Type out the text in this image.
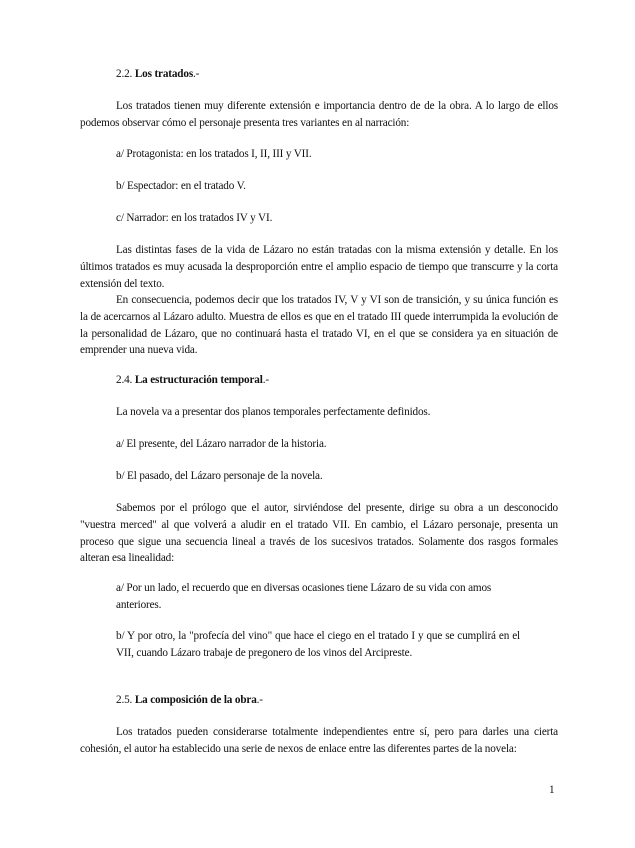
2.2. Los tratados.-
Los tratados tienen muy diferente extensión e importancia dentro de de la obra. A lo largo de ellos podemos observar cómo el personaje presenta tres variantes en al narración:
a/ Protagonista: en los tratados I, II, III y VII.
b/ Espectador: en el tratado V.
c/ Narrador: en los tratados IV y VI.
Las distintas fases de la vida de Lázaro no están tratadas con la misma extensión y detalle. En los últimos tratados es muy acusada la desproporción entre el amplio espacio de tiempo que transcurre y la corta extensión del texto.
En consecuencia, podemos decir que los tratados IV, V y VI son de transición, y su única función es la de acercarnos al Lázaro adulto. Muestra de ellos es que en el tratado III quede interrumpida la evolución de la personalidad de Lázaro, que no continuará hasta el tratado VI, en el que se considera ya en situación de emprender una nueva vida.
2.4. La estructuración temporal.-
La novela va a presentar dos planos temporales perfectamente definidos.
a/ El presente, del Lázaro narrador de la historia.
b/ El pasado, del Lázaro personaje de la novela.
Sabemos por el prólogo que el autor, sirviéndose del presente, dirige su obra a un desconocido "vuestra merced" al que volverá a aludir en el tratado VII. En cambio, el Lázaro personaje, presenta un proceso que sigue una secuencia lineal a través de los sucesivos tratados. Solamente dos rasgos formales alteran esa linealidad:
a/ Por un lado, el recuerdo que en diversas ocasiones tiene Lázaro de su vida con amos anteriores.
b/ Y por otro, la "profecía del vino" que hace el ciego en el tratado I y que se cumplirá en el VII, cuando Lázaro trabaje de pregonero de los vinos del Arcipreste.
2.5. La composición de la obra.-
Los tratados pueden considerarse totalmente independientes entre sí, pero para darles una cierta cohesión, el autor ha establecido una serie de nexos de enlace entre las diferentes partes de la novela:
1
